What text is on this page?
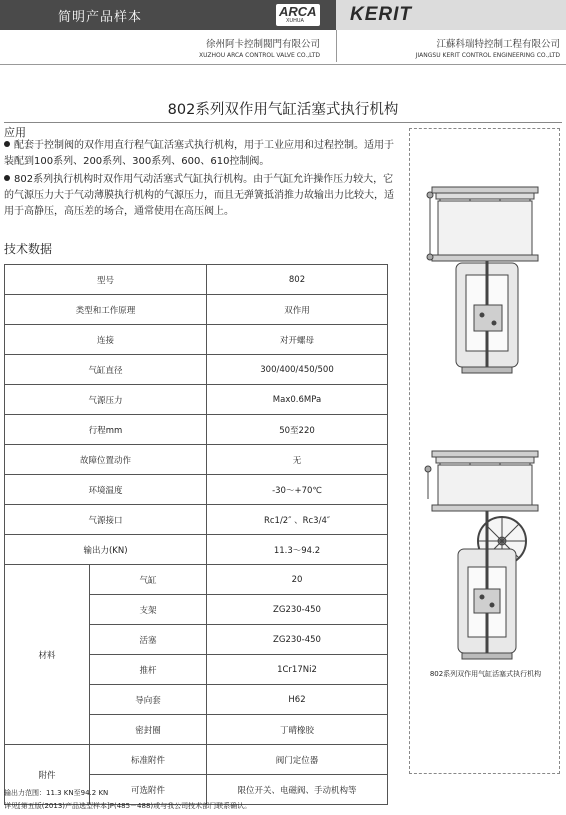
简明产品样本	ARCA
XUHUA KERIT
徐州阿卡控制閥門有限公司
XUZHOU ARCA CONTROL VALVE CO.,LTD
江蘇科瑞特控制工程有限公司
JIANGSU KERIT CONTROL ENGINEERING CO.,LTD
802系列双作用气缸活塞式执行机构
应用
配套于控制阀的双作用直行程气缸活塞式执行机构，用于工业应用和过程控制。适用于装配到100系列、200系列、300系列、600、610控制阀。
802系列执行机构时双作用气动活塞式气缸执行机构。由于气缸允许操作压力较大，它的气源压力大于气动薄膜执行机构的气源压力，而且无弹簧抵消推力故输出力比较大，适用于高静压，高压差的场合，通常使用在高压阀上。
技术数据
型号		802
类型和工作原理		双作用
连接		对开螺母
气缸直径		300/400/450/500
气源压力		Max0.6MPa
行程mm		50至220
故障位置动作		无
环境温度		-30～+70℃
气源接口		Rc1/2″ 、Rc3/4″
输出力(KN)		11.3～94.2
材料	气缸	20
	支架	ZG230-450
	活塞	ZG230-450
	推杆	1Cr17Ni2
	导向套	H62
	密封圈	丁晴橡胶
附件	标准附件	阀门定位器
	可选附件	限位开关、电磁阀、手动机构等
输出力范围：11.3 KN至94.2 KN
详见[第五版(2013)产品选型样本]P(485－488)或与我公司技术部门联系确认。
802系列双作用气缸活塞式执行机构
